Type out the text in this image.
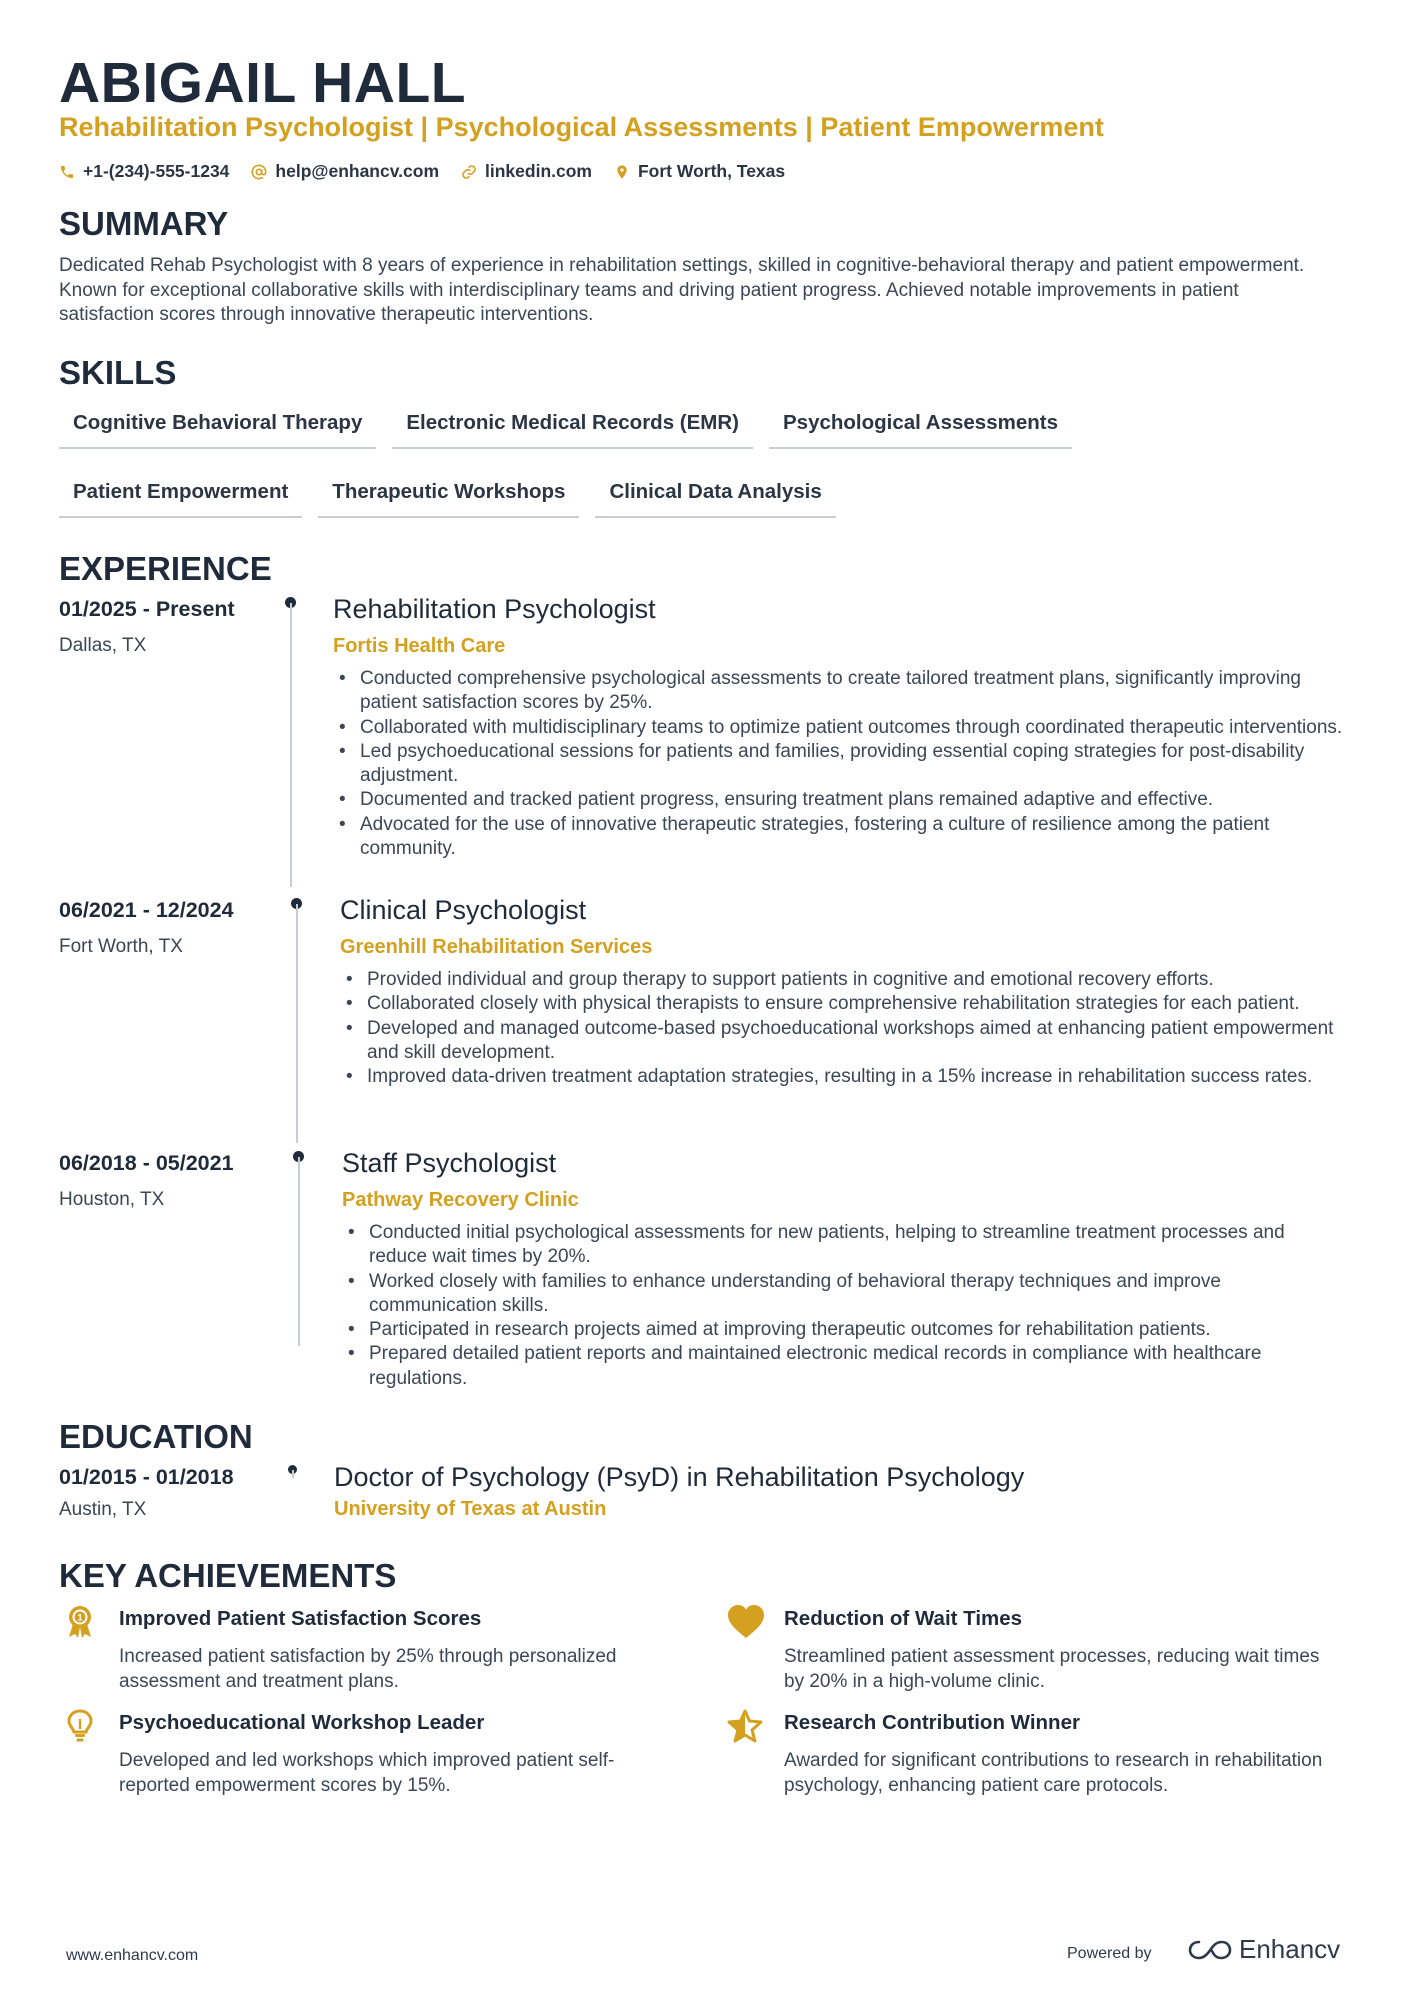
ABIGAIL HALL
Rehabilitation Psychologist | Psychological Assessments | Patient Empowerment
+1-(234)-555-1234	help@enhancv.com	linkedin.com	Fort Worth, Texas
SUMMARY
Dedicated Rehab Psychologist with 8 years of experience in rehabilitation settings, skilled in cognitive-behavioral therapy and patient empowerment. Known for exceptional collaborative skills with interdisciplinary teams and driving patient progress. Achieved notable improvements in patient satisfaction scores through innovative therapeutic interventions.
SKILLS
Cognitive Behavioral Therapy	Electronic Medical Records (EMR)	Psychological Assessments
Patient Empowerment	Therapeutic Workshops	Clinical Data Analysis
EXPERIENCE
01/2025 - Present
Dallas, TX
Rehabilitation Psychologist
Fortis Health Care
• Conducted comprehensive psychological assessments to create tailored treatment plans, significantly improving patient satisfaction scores by 25%.
• Collaborated with multidisciplinary teams to optimize patient outcomes through coordinated therapeutic interventions.
• Led psychoeducational sessions for patients and families, providing essential coping strategies for post-disability adjustment.
• Documented and tracked patient progress, ensuring treatment plans remained adaptive and effective.
• Advocated for the use of innovative therapeutic strategies, fostering a culture of resilience among the patient community.
06/2021 - 12/2024
Fort Worth, TX
Clinical Psychologist
Greenhill Rehabilitation Services
• Provided individual and group therapy to support patients in cognitive and emotional recovery efforts.
• Collaborated closely with physical therapists to ensure comprehensive rehabilitation strategies for each patient.
• Developed and managed outcome-based psychoeducational workshops aimed at enhancing patient empowerment and skill development.
• Improved data-driven treatment adaptation strategies, resulting in a 15% increase in rehabilitation success rates.
06/2018 - 05/2021
Houston, TX
Staff Psychologist
Pathway Recovery Clinic
• Conducted initial psychological assessments for new patients, helping to streamline treatment processes and reduce wait times by 20%.
• Worked closely with families to enhance understanding of behavioral therapy techniques and improve communication skills.
• Participated in research projects aimed at improving therapeutic outcomes for rehabilitation patients.
• Prepared detailed patient reports and maintained electronic medical records in compliance with healthcare regulations.
EDUCATION
01/2015 - 01/2018
Austin, TX
Doctor of Psychology (PsyD) in Rehabilitation Psychology
University of Texas at Austin
KEY ACHIEVEMENTS
1 Improved Patient Satisfaction Scores
Increased patient satisfaction by 25% through personalized assessment and treatment plans.
Reduction of Wait Times
Streamlined patient assessment processes, reducing wait times by 20% in a high-volume clinic.
Psychoeducational Workshop Leader
Developed and led workshops which improved patient self-reported empowerment scores by 15%.
Research Contribution Winner
Awarded for significant contributions to research in rehabilitation psychology, enhancing patient care protocols.
www.enhancv.com	Powered by	Enhancv
